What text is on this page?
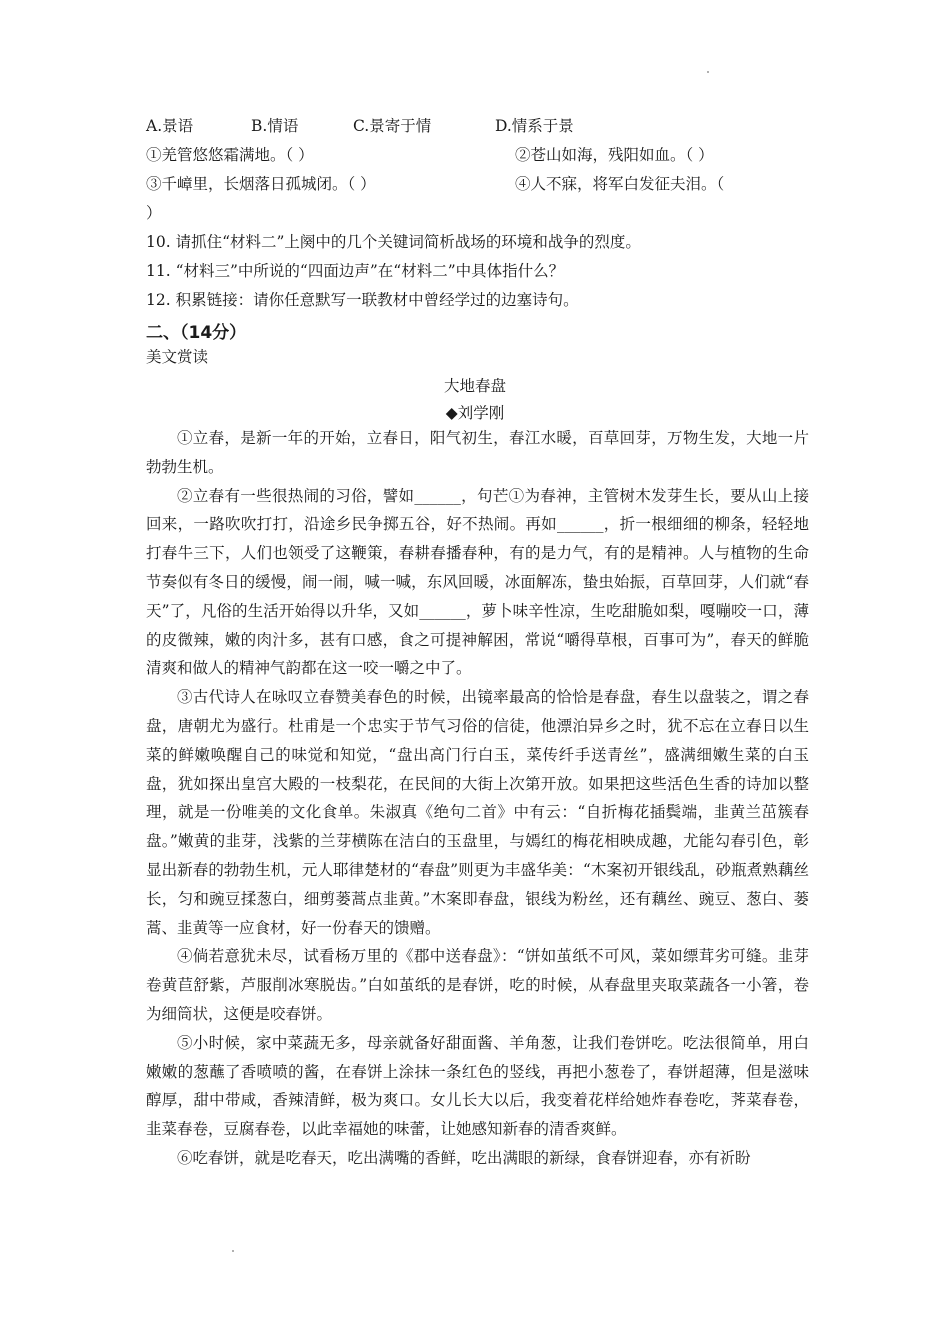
A.景语	B.情语	C.景寄于情	D.情系于景
①羌管悠悠霜满地。（ ）	②苍山如海，残阳如血。（ ）
③千嶂里，长烟落日孤城闭。（ ）	④人不寐，将军白发征夫泪。（
）
10. 请抓住“材料二”上阕中的几个关键词简析战场的环境和战争的烈度。
11. “材料三”中所说的“四面边声”在“材料二”中具体指什么？
12. 积累链接：请你任意默写一联教材中曾经学过的边塞诗句。
二、（14分）
美文赏读
大地春盘
◆刘学刚

①立春，是新一年的开始，立春日，阳气初生，春江水暖，百草回芽，万物生发，大地一片勃勃生机。

②立春有一些很热闹的习俗，譬如______，句芒①为春神，主管树木发芽生长，要从山上接回来，一路吹吹打打，沿途乡民争掷五谷，好不热闹。再如______，折一根细细的柳条，轻轻地打春牛三下，人们也领受了这鞭策，春耕春播春种，有的是力气，有的是精神。人与植物的生命节奏似有冬日的缓慢，闹一闹，喊一喊，东风回暖，冰面解冻，蛰虫始振，百草回芽，人们就“春天”了，凡俗的生活开始得以升华，又如______，萝卜味辛性凉，生吃甜脆如梨，嘎嘣咬一口，薄的皮微辣，嫩的肉汁多，甚有口感，食之可提神解困，常说“嚼得草根，百事可为”，春天的鲜脆清爽和做人的精神气韵都在这一咬一嚼之中了。

③古代诗人在咏叹立春赞美春色的时候，出镜率最高的恰恰是春盘，春生以盘装之，谓之春盘，唐朝尤为盛行。杜甫是一个忠实于节气习俗的信徒，他漂泊异乡之时，犹不忘在立春日以生菜的鲜嫩唤醒自己的味觉和知觉，“盘出高门行白玉，菜传纤手送青丝”，盛满细嫩生菜的白玉盘，犹如探出皇宫大殿的一枝梨花，在民间的大街上次第开放。如果把这些活色生香的诗加以整理，就是一份唯美的文化食单。朱淑真《绝句二首》中有云：“自折梅花插鬓端，韭黄兰茁簇春盘。”嫩黄的韭芽，浅紫的兰芽横陈在洁白的玉盘里，与嫣红的梅花相映成趣，尤能勾春引色，彰显出新春的勃勃生机，元人耶律楚材的“春盘”则更为丰盛华美：“木案初开银线乱，砂瓶煮熟藕丝长，匀和豌豆揉葱白，细剪蒌蒿点韭黄。”木案即春盘，银线为粉丝，还有藕丝、豌豆、葱白、蒌蒿、韭黄等一应食材，好一份春天的馈赠。

④倘若意犹未尽，试看杨万里的《郡中送春盘》：“饼如茧纸不可风，菜如缥茸劣可缝。韭芽卷黄苣舒紫，芦服削冰寒脱齿。”白如茧纸的是春饼，吃的时候，从春盘里夹取菜蔬各一小箸，卷为细筒状，这便是咬春饼。

⑤小时候，家中菜蔬无多，母亲就备好甜面酱、羊角葱，让我们卷饼吃。吃法很简单，用白嫩嫩的葱蘸了香喷喷的酱，在春饼上涂抹一条红色的竖线，再把小葱卷了，春饼超薄，但是滋味醇厚，甜中带咸，香辣清鲜，极为爽口。女儿长大以后，我变着花样给她炸春卷吃，荠菜春卷，韭菜春卷，豆腐春卷，以此幸福她的味蕾，让她感知新春的清香爽鲜。

⑥吃春饼，就是吃春天，吃出满嘴的香鲜，吃出满眼的新绿，食春饼迎春，亦有祈盼
